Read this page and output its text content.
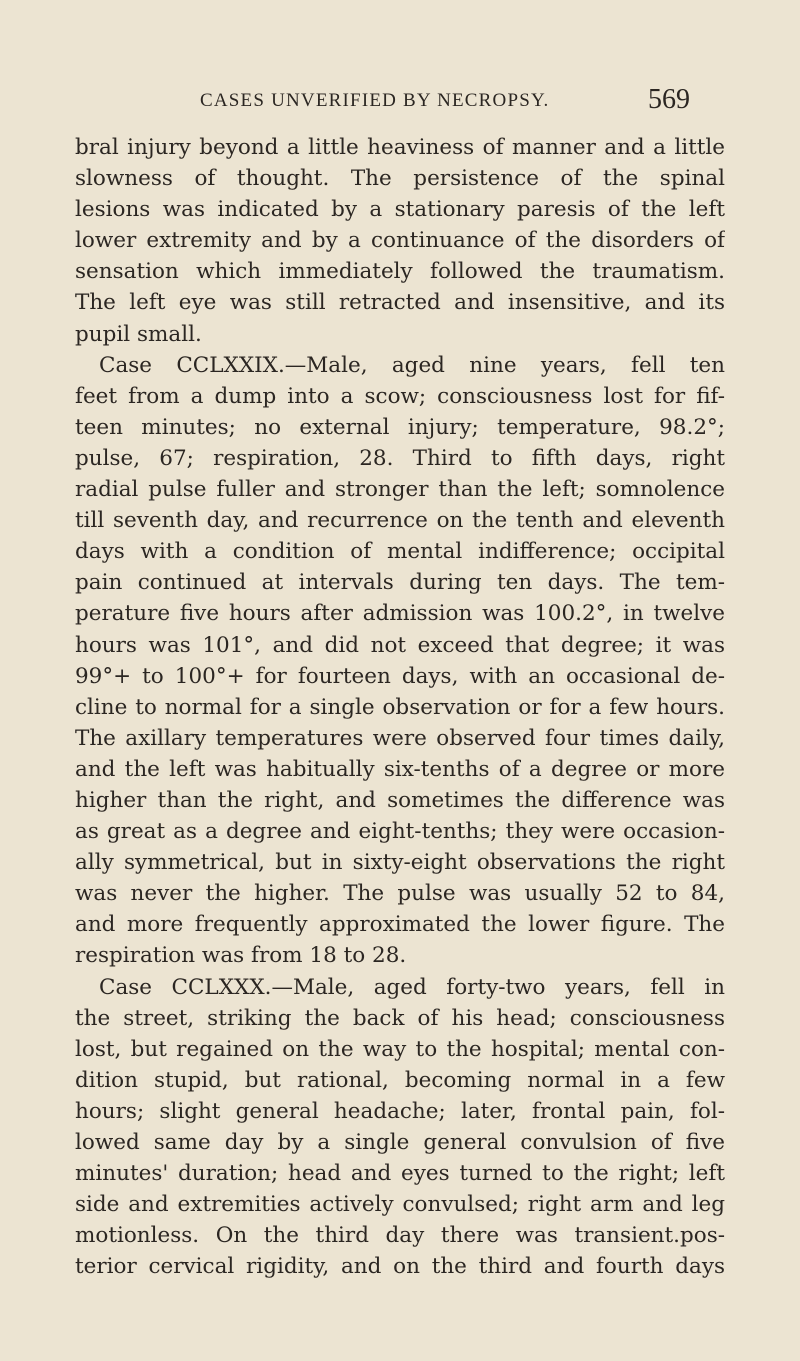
CASES UNVERIFIED BY NECROPSY.	569
bral injury beyond a little heaviness of manner and a little
slowness of thought. The persistence of the spinal
lesions was indicated by a stationary paresis of the left
lower extremity and by a continuance of the disorders of
sensation which immediately followed the traumatism.
The left eye was still retracted and insensitive, and its
pupil small.
Case CCLXXIX.—Male, aged nine years, fell ten
feet from a dump into a scow; consciousness lost for fif-
teen minutes; no external injury; temperature, 98.2°;
pulse, 67; respiration, 28. Third to fifth days, right
radial pulse fuller and stronger than the left; somnolence
till seventh day, and recurrence on the tenth and eleventh
days with a condition of mental indifference; occipital
pain continued at intervals during ten days. The tem-
perature five hours after admission was 100.2°, in twelve
hours was 101°, and did not exceed that degree; it was
99°+ to 100°+ for fourteen days, with an occasional de-
cline to normal for a single observation or for a few hours.
The axillary temperatures were observed four times daily,
and the left was habitually six-tenths of a degree or more
higher than the right, and sometimes the difference was
as great as a degree and eight-tenths; they were occasion-
ally symmetrical, but in sixty-eight observations the right
was never the higher. The pulse was usually 52 to 84,
and more frequently approximated the lower figure. The
respiration was from 18 to 28.
Case CCLXXX.—Male, aged forty-two years, fell in
the street, striking the back of his head; consciousness
lost, but regained on the way to the hospital; mental con-
dition stupid, but rational, becoming normal in a few
hours; slight general headache; later, frontal pain, fol-
lowed same day by a single general convulsion of five
minutes' duration; head and eyes turned to the right; left
side and extremities actively convulsed; right arm and leg
motionless. On the third day there was transient.pos-
terior cervical rigidity, and on the third and fourth days
